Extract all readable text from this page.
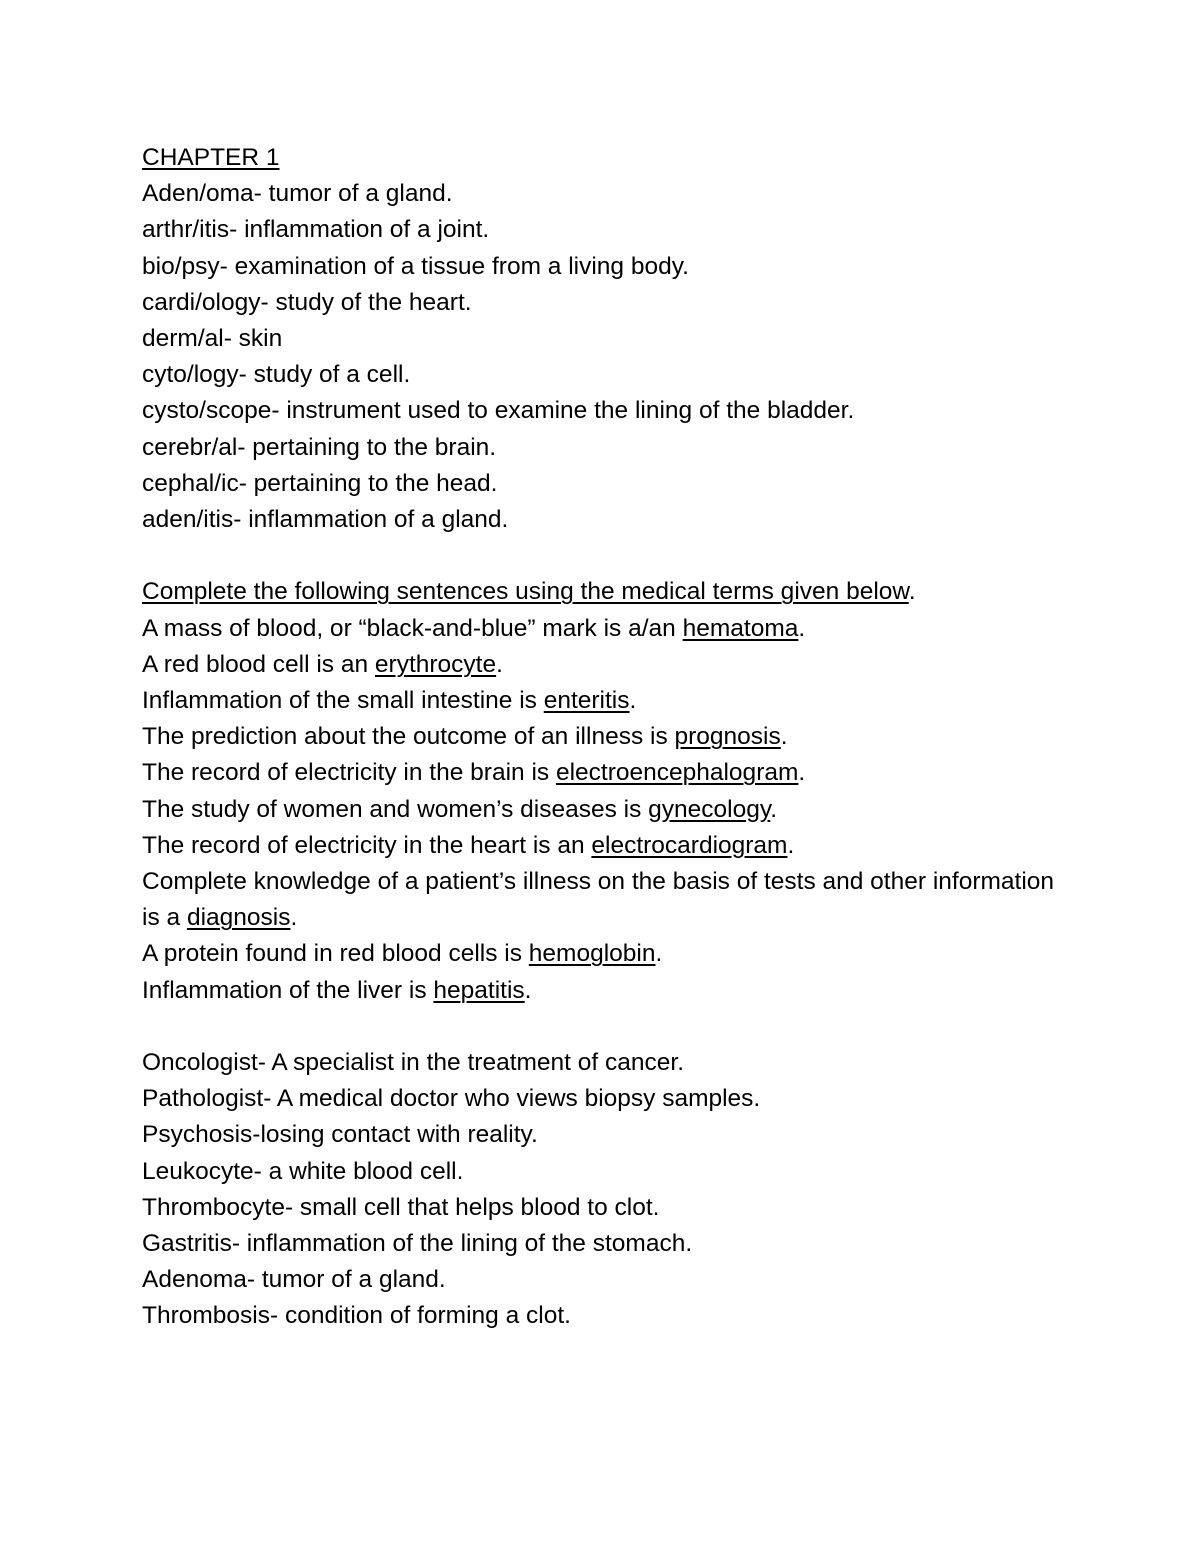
CHAPTER 1
Aden/oma- tumor of a gland.
arthr/itis- inflammation of a joint.
bio/psy- examination of a tissue from a living body.
cardi/ology- study of the heart.
derm/al- skin
cyto/logy- study of a cell.
cysto/scope- instrument used to examine the lining of the bladder.
cerebr/al- pertaining to the brain.
cephal/ic- pertaining to the head.
aden/itis- inflammation of a gland.
Complete the following sentences using the medical terms given below.
A mass of blood, or “black-and-blue” mark is a/an hematoma.
A red blood cell is an erythrocyte.
Inflammation of the small intestine is enteritis.
The prediction about the outcome of an illness is prognosis.
The record of electricity in the brain is electroencephalogram.
The study of women and women’s diseases is gynecology.
The record of electricity in the heart is an electrocardiogram.
Complete knowledge of a patient’s illness on the basis of tests and other information is a diagnosis.
A protein found in red blood cells is hemoglobin.
Inflammation of the liver is hepatitis.
Oncologist- A specialist in the treatment of cancer.
Pathologist- A medical doctor who views biopsy samples.
Psychosis-losing contact with reality.
Leukocyte- a white blood cell.
Thrombocyte- small cell that helps blood to clot.
Gastritis- inflammation of the lining of the stomach.
Adenoma- tumor of a gland.
Thrombosis- condition of forming a clot.
